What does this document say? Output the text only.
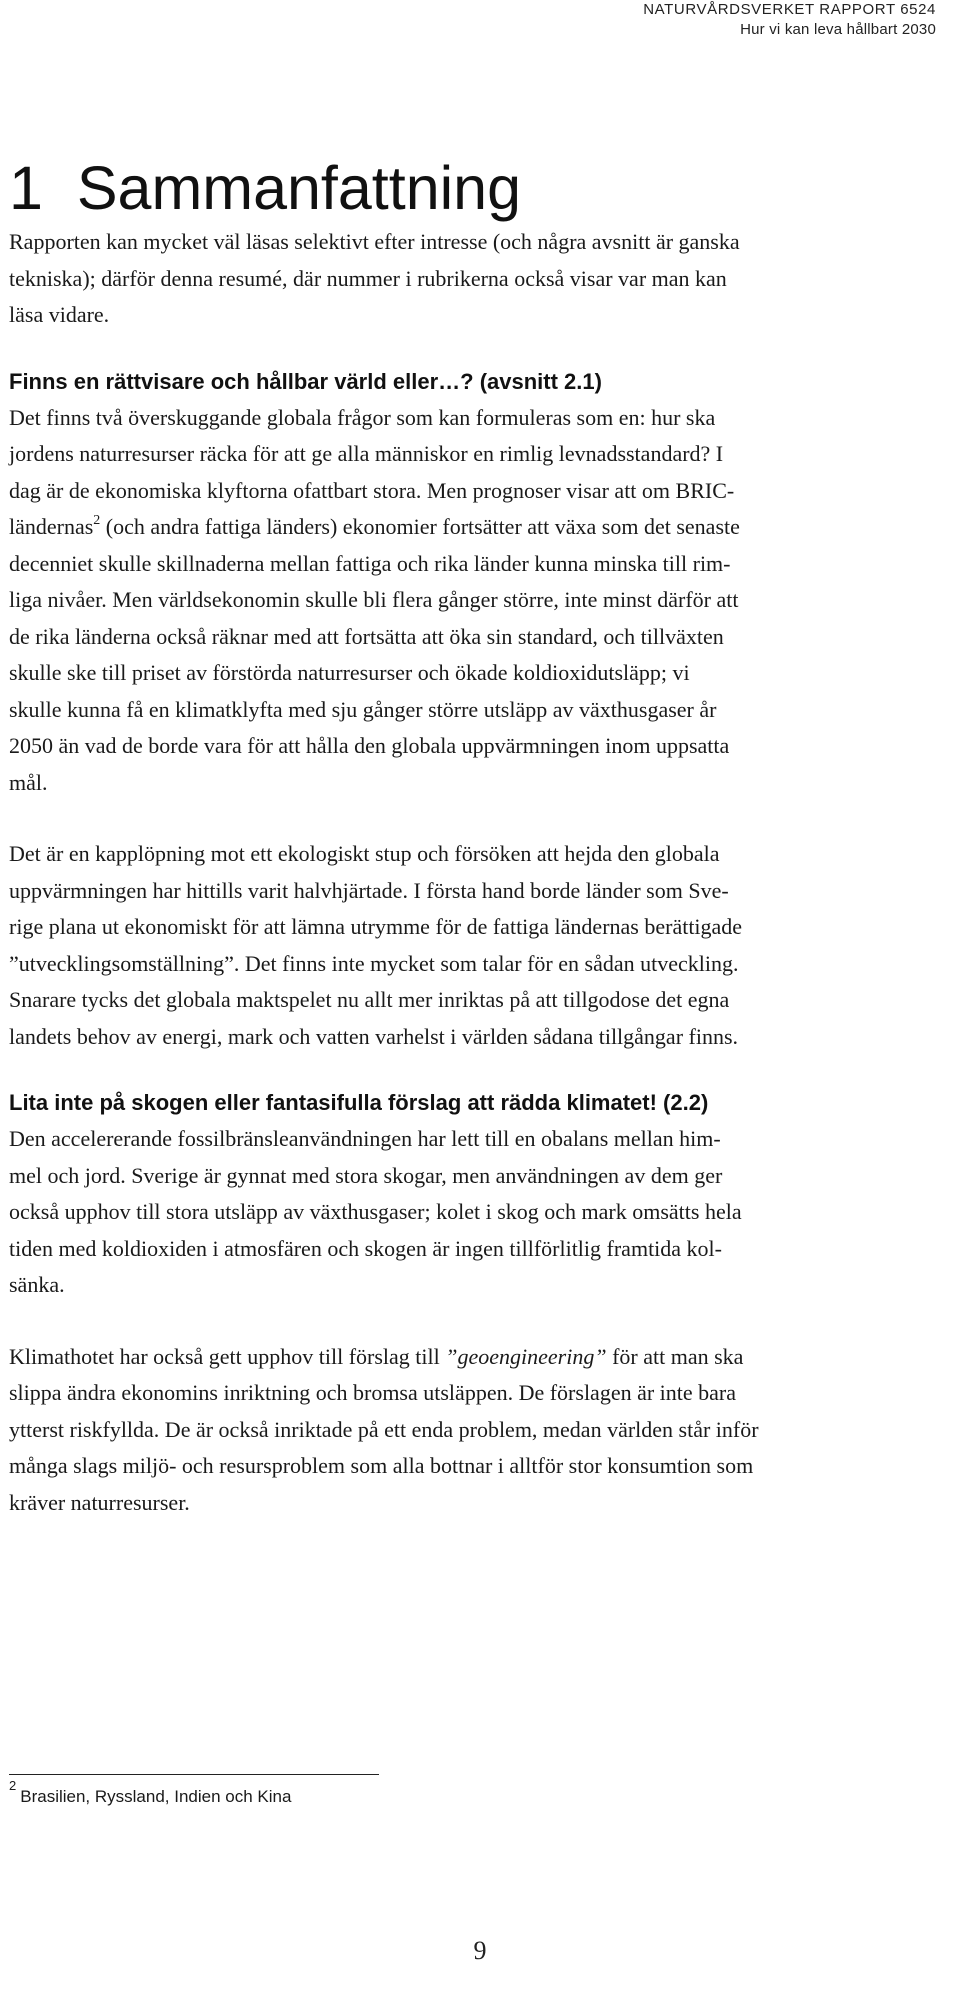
NATURVÅRDSVERKET RAPPORT 6524
Hur vi kan leva hållbart 2030
1 Sammanfattning

Rapporten kan mycket väl läsas selektivt efter intresse (och några avsnitt är ganska
tekniska); därför denna resumé, där nummer i rubrikerna också visar var man kan
läsa vidare.

Finns en rättvisare och hållbar värld eller…? (avsnitt 2.1)

Det finns två överskuggande globala frågor som kan formuleras som en: hur ska
jordens naturresurser räcka för att ge alla människor en rimlig levnadsstandard? I
dag är de ekonomiska klyftorna ofattbart stora. Men prognoser visar att om BRIC-
ländernas$^2$ (och andra fattiga länders) ekonomier fortsätter att växa som det senaste
decenniet skulle skillnaderna mellan fattiga och rika länder kunna minska till rim-
liga nivåer. Men världsekonomin skulle bli flera gånger större, inte minst därför att
de rika länderna också räknar med att fortsätta att öka sin standard, och tillväxten
skulle ske till priset av förstörda naturresurser och ökade koldioxidutsläpp; vi
skulle kunna få en klimatklyfta med sju gånger större utsläpp av växthusgaser år
2050 än vad de borde vara för att hålla den globala uppvärmningen inom uppsatta
mål.

Det är en kapplöpning mot ett ekologiskt stup och försöken att hejda den globala
uppvärmningen har hittills varit halvhjärtade. I första hand borde länder som Sve-
rige plana ut ekonomiskt för att lämna utrymme för de fattiga ländernas berättigade
”utvecklingsomställning”. Det finns inte mycket som talar för en sådan utveckling.
Snarare tycks det globala maktspelet nu allt mer inriktas på att tillgodose det egna
landets behov av energi, mark och vatten varhelst i världen sådana tillgångar finns.

Lita inte på skogen eller fantasifulla förslag att rädda klimatet! (2.2)

Den accelererande fossilbränsleanvändningen har lett till en obalans mellan him-
mel och jord. Sverige är gynnat med stora skogar, men användningen av dem ger
också upphov till stora utsläpp av växthusgaser; kolet i skog och mark omsätts hela
tiden med koldioxiden i atmosfären och skogen är ingen tillförlitlig framtida kol-
sänka.

Klimathotet har också gett upphov till förslag till ”geoengineering” för att man ska
slippa ändra ekonomins inriktning och bromsa utsläppen. De förslagen är inte bara
ytterst riskfyllda. De är också inriktade på ett enda problem, medan världen står inför
många slags miljö- och resursproblem som alla bottnar i alltför stor konsumtion som
kräver naturresurser.

$^2$Brasilien, Ryssland, Indien och Kina
9
